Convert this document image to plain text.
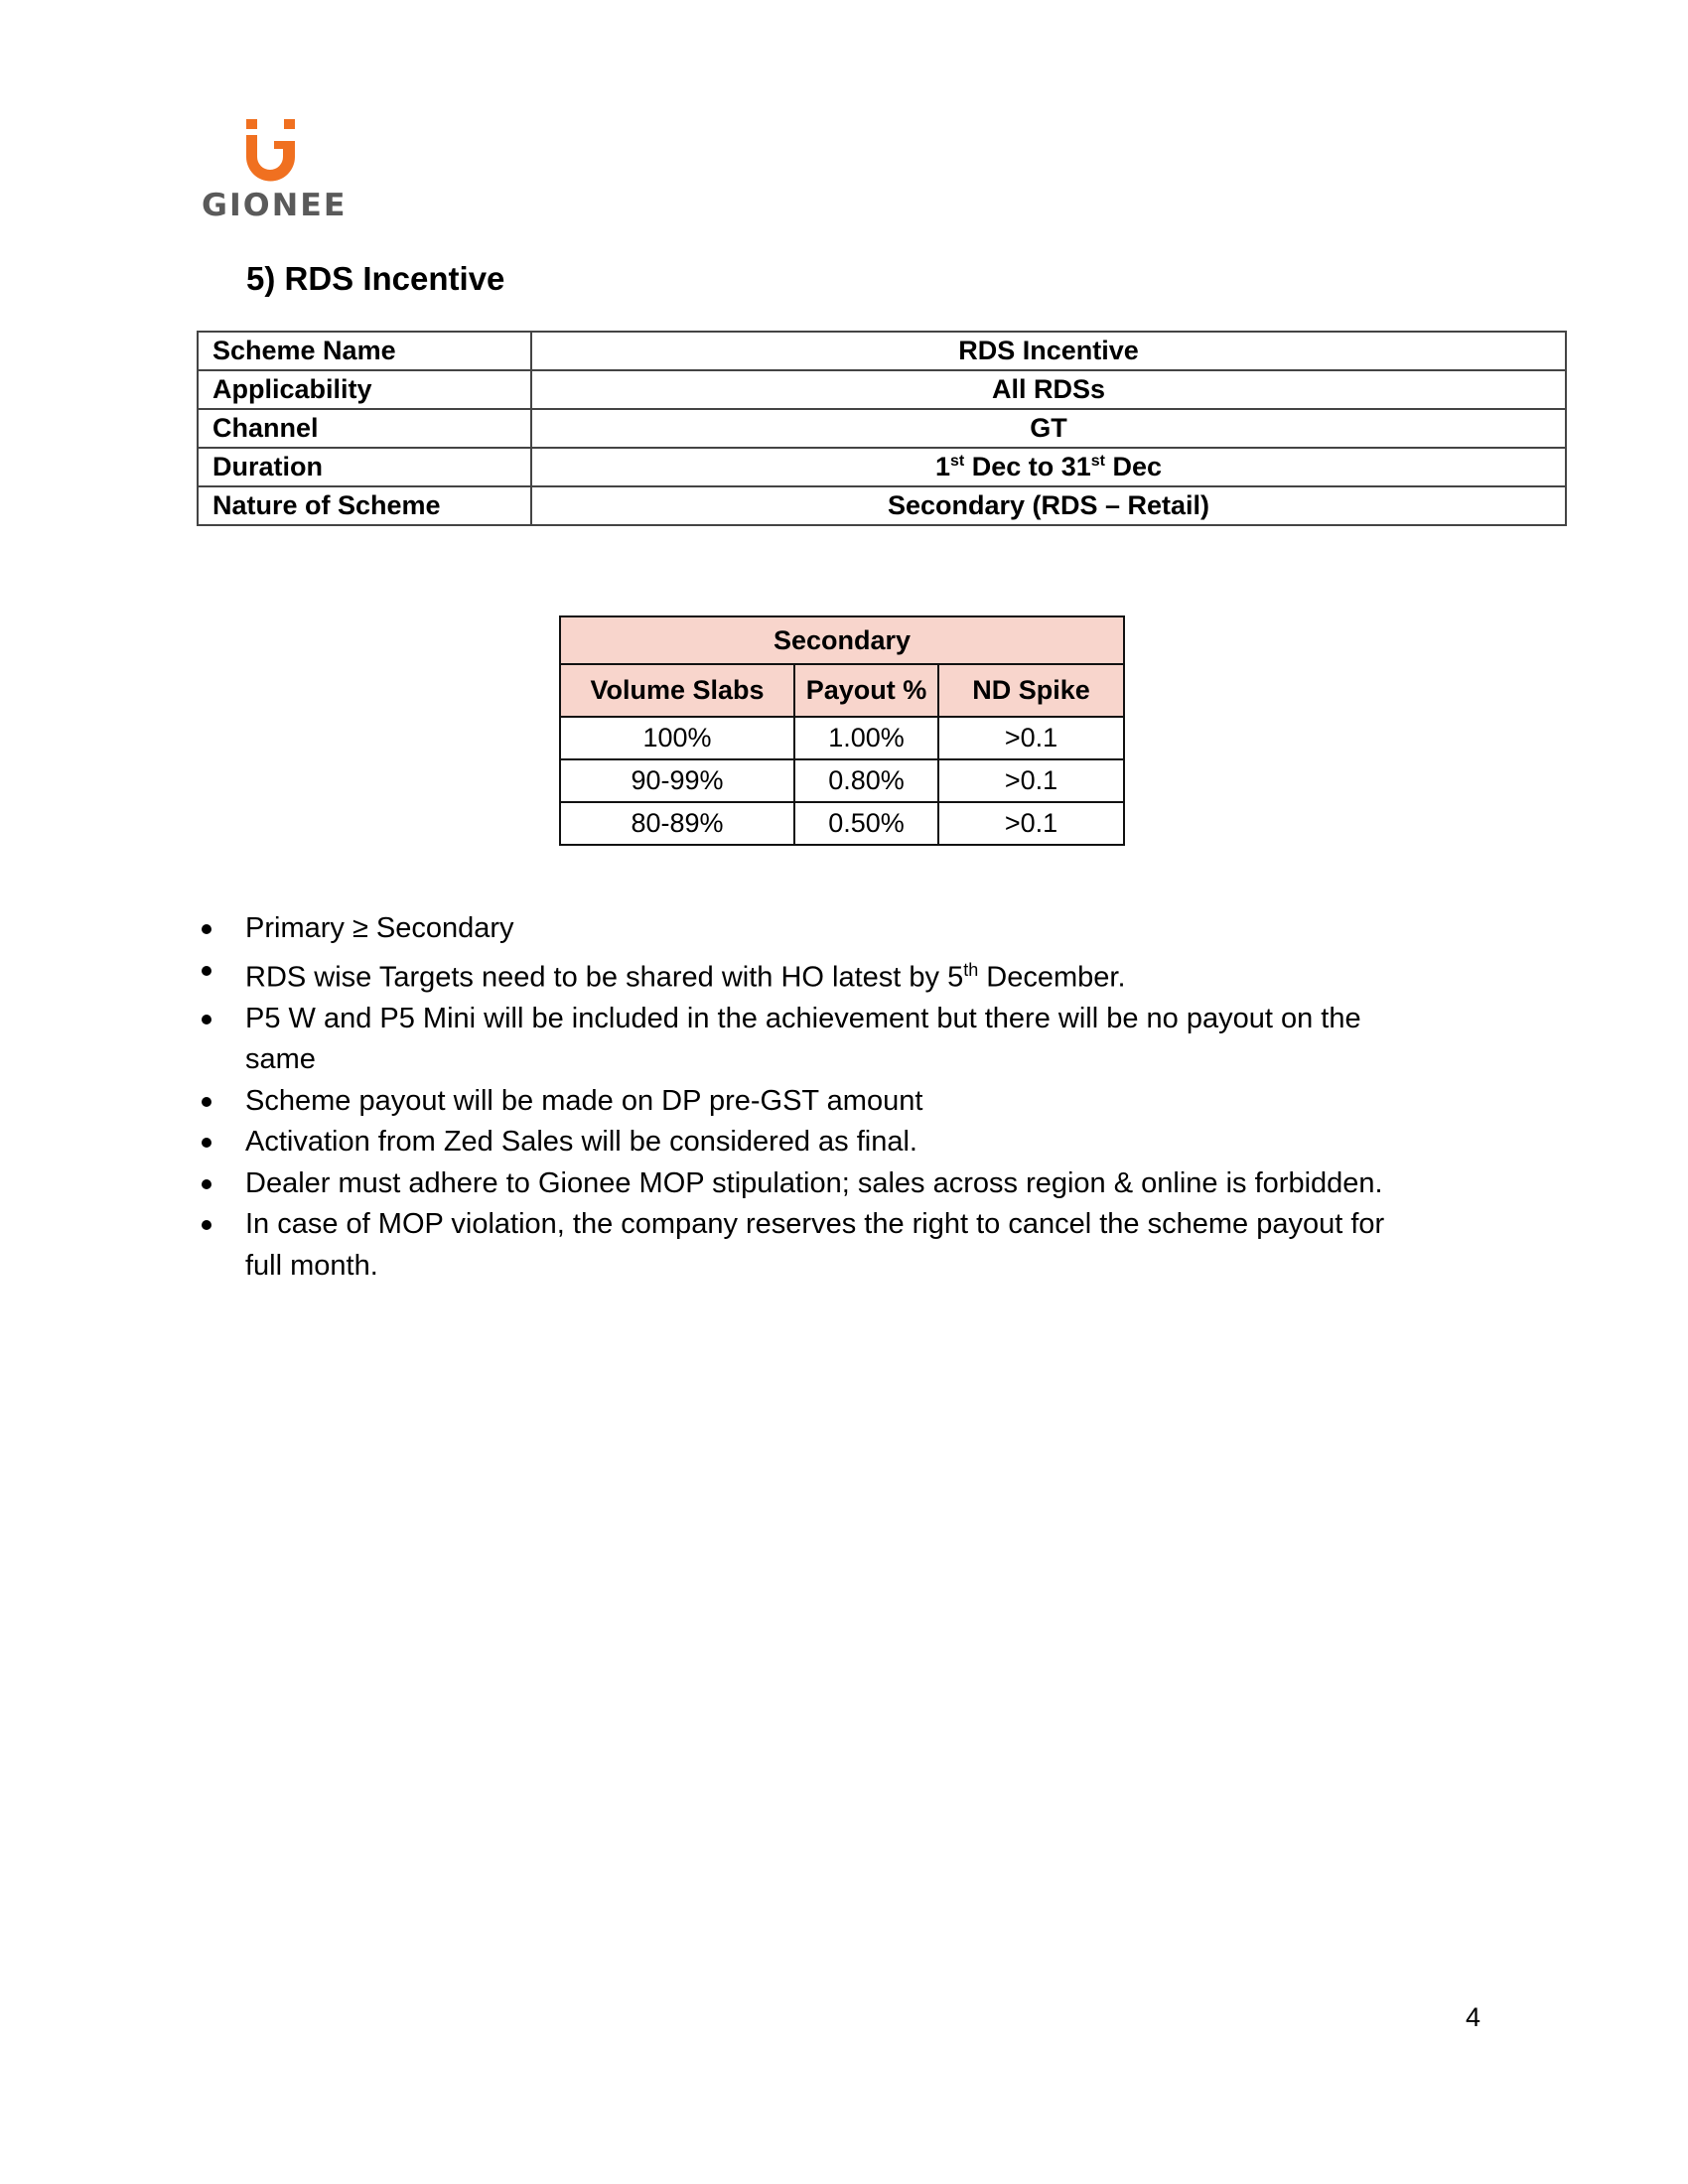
GIONEE
5) RDS Incentive
Scheme Name	RDS Incentive
Applicability	All RDSs
Channel	GT
Duration	1st Dec to 31st Dec
Nature of Scheme	Secondary (RDS – Retail)
Secondary		
Volume Slabs	Payout %	ND Spike
100%	1.00%	>0.1
90-99%	0.80%	>0.1
80-89%	0.50%	>0.1
Primary ≥ Secondary
RDS wise Targets need to be shared with HO latest by 5th December.
P5 W and P5 Mini will be included in the achievement but there will be no payout on the same
Scheme payout will be made on DP pre-GST amount
Activation from Zed Sales will be considered as final.
Dealer must adhere to Gionee MOP stipulation; sales across region & online is forbidden.
In case of MOP violation, the company reserves the right to cancel the scheme payout for full month.
4
